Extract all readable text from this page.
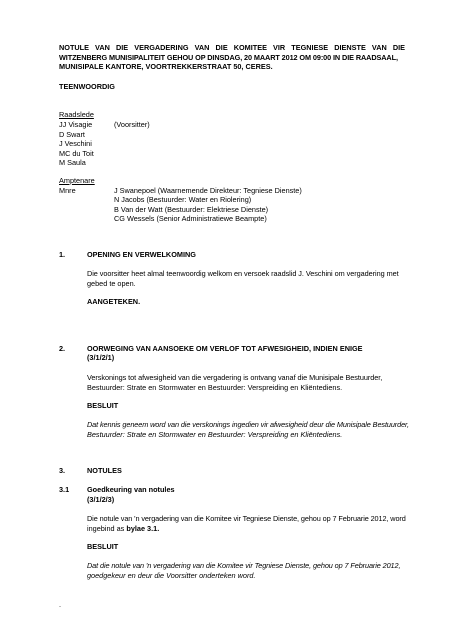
NOTULE VAN DIE VERGADERING VAN DIE KOMITEE VIR TEGNIESE DIENSTE VAN DIE
WITZENBERG MUNISIPALITEIT GEHOU OP DINSDAG, 20 MAART 2012 OM 09:00 IN DIE RAADSAAL,
MUNISIPALE KANTORE, VOORTREKKERSTRAAT 50, CERES.
TEENWOORDIG
Raadslede
JJ Visagie	(Voorsitter)
D Swart
J Veschini
MC du Toit
M Saula
Amptenare
Mnre	J Swanepoel (Waarnemende Direkteur: Tegniese Dienste)
N Jacobs (Bestuurder: Water en Riolering)
B Van der Watt (Bestuurder: Elektriese Dienste)
CG Wessels (Senior Administratiewe Beampte)
1.	OPENING EN VERWELKOMING
Die voorsitter heet almal teenwoordig welkom en versoek raadslid J. Veschini om vergadering met
gebed te open.
AANGETEKEN.
2.	OORWEGING VAN AANSOEKE OM VERLOF TOT AFWESIGHEID, INDIEN ENIGE
(3/1/2/1)
Verskonings tot afwesigheid van die vergadering is ontvang vanaf die Munisipale Bestuurder,
Bestuurder: Strate en Stormwater en Bestuurder: Verspreiding en Kliëntediens.
BESLUIT
Dat kennis geneem word van die verskonings ingedien vir afwesigheid deur die Munisipale Bestuurder,
Bestuurder: Strate en Stormwater en Bestuurder: Verspreiding en Kliëntediens.
3.	NOTULES
3.1 Goedkeuring van notules
(3/1/2/3)
Die notule van 'n vergadering van die Komitee vir Tegniese Dienste, gehou op 7 Februarie 2012, word
ingebind as bylae 3.1.
BESLUIT
Dat die notule van 'n vergadering van die Komitee vir Tegniese Dienste, gehou op 7 Februarie 2012,
goedgekeur en deur die Voorsitter onderteken word.
.
